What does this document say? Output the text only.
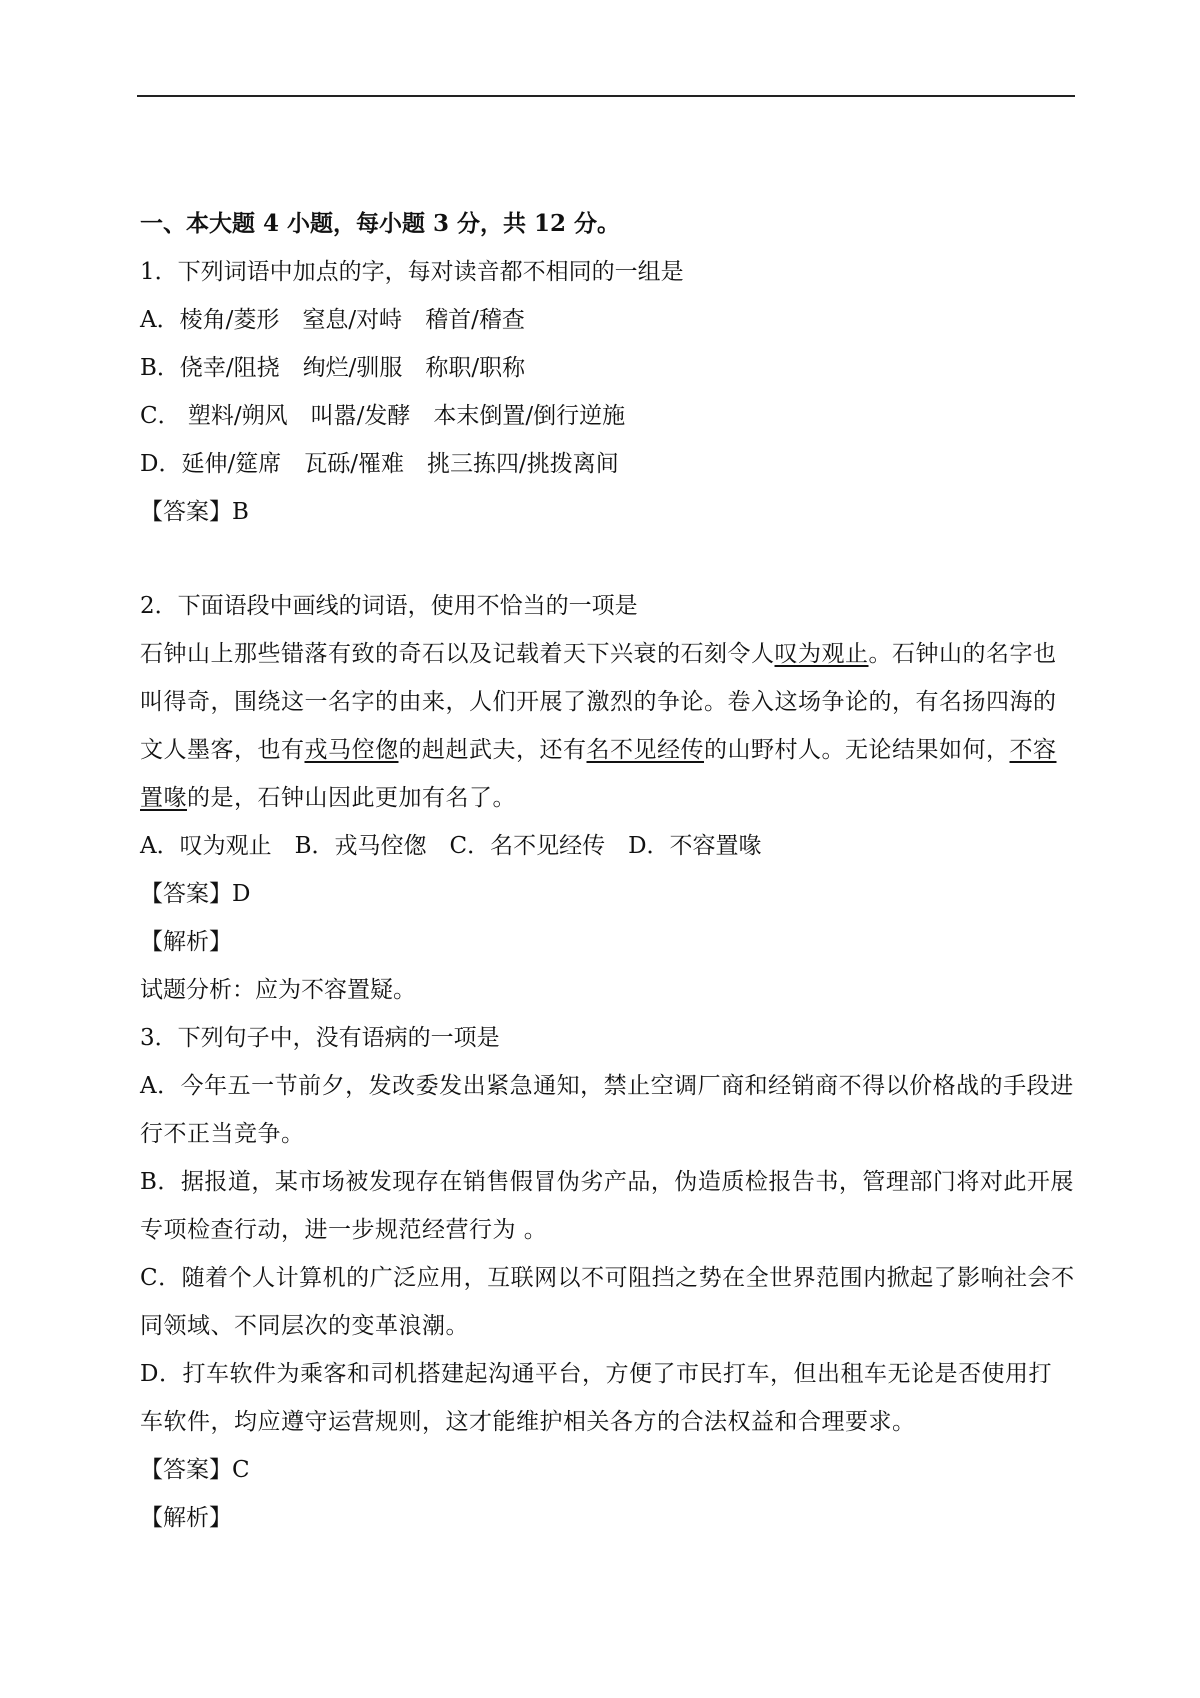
一、本大题 4 小题，每小题 3 分，共 12 分。
1．下列词语中加点的字，每对读音都不相同的一组是
A．棱角/菱形　窒息/对峙　稽首/稽查
B．侥幸/阻挠　绚烂/驯服　称职/职称
C． 塑料/朔风　叫嚣/发酵　本末倒置/倒行逆施
D．延伸/筵席　瓦砾/罹难　挑三拣四/挑拨离间
【答案】B
2．下面语段中画线的词语，使用不恰当的一项是
石钟山上那些错落有致的奇石以及记载着天下兴衰的石刻令人叹为观止。石钟山的名字也叫得奇，围绕这一名字的由来，人们开展了激烈的争论。卷入这场争论的，有名扬四海的文人墨客，也有戎马倥偬的赳赳武夫，还有名不见经传的山野村人。无论结果如何，不容置喙的是，石钟山因此更加有名了。
A．叹为观止　B．戎马倥偬　C．名不见经传　D．不容置喙
【答案】D
【解析】
试题分析：应为不容置疑。
3．下列句子中，没有语病的一项是
A．今年五一节前夕，发改委发出紧急通知，禁止空调厂商和经销商不得以价格战的手段进行不正当竞争。
B．据报道，某市场被发现存在销售假冒伪劣产品，伪造质检报告书，管理部门将对此开展专项检查行动，进一步规范经营行为 。
C．随着个人计算机的广泛应用，互联网以不可阻挡之势在全世界范围内掀起了影响社会不同领域、不同层次的变革浪潮。
D．打车软件为乘客和司机搭建起沟通平台，方便了市民打车，但出租车无论是否使用打车软件，均应遵守运营规则，这才能维护相关各方的合法权益和合理要求。
【答案】C
【解析】
